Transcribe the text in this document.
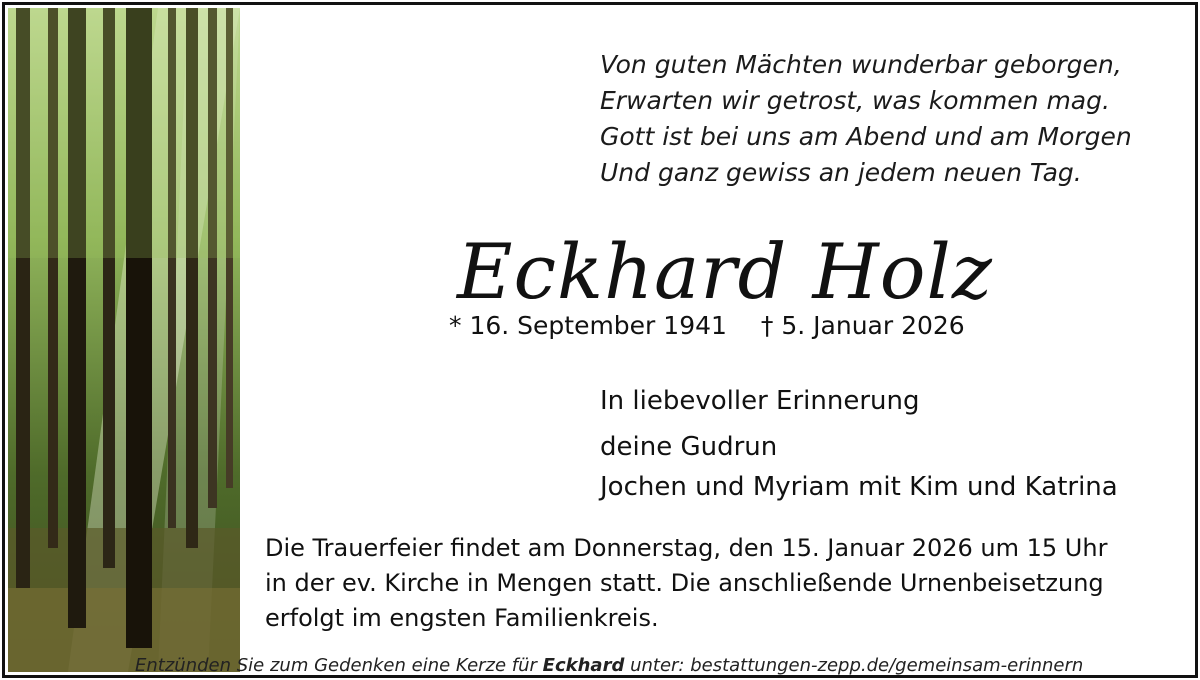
Von guten Mächten wunderbar geborgen,
Erwarten wir getrost, was kommen mag.
Gott ist bei uns am Abend und am Morgen
Und ganz gewiss an jedem neuen Tag.
Eckhard Holz
* 16. September 1941 † 5. Januar 2026
In liebevoller Erinnerung
deine Gudrun
Jochen und Myriam mit Kim und Katrina
Die Trauerfeier findet am Donnerstag, den 15. Januar 2026 um 15 Uhr
in der ev. Kirche in Mengen statt. Die anschließende Urnenbeisetzung
erfolgt im engsten Familienkreis.
Entzünden Sie zum Gedenken eine Kerze für Eckhard unter: bestattungen-zepp.de/gemeinsam-erinnern
